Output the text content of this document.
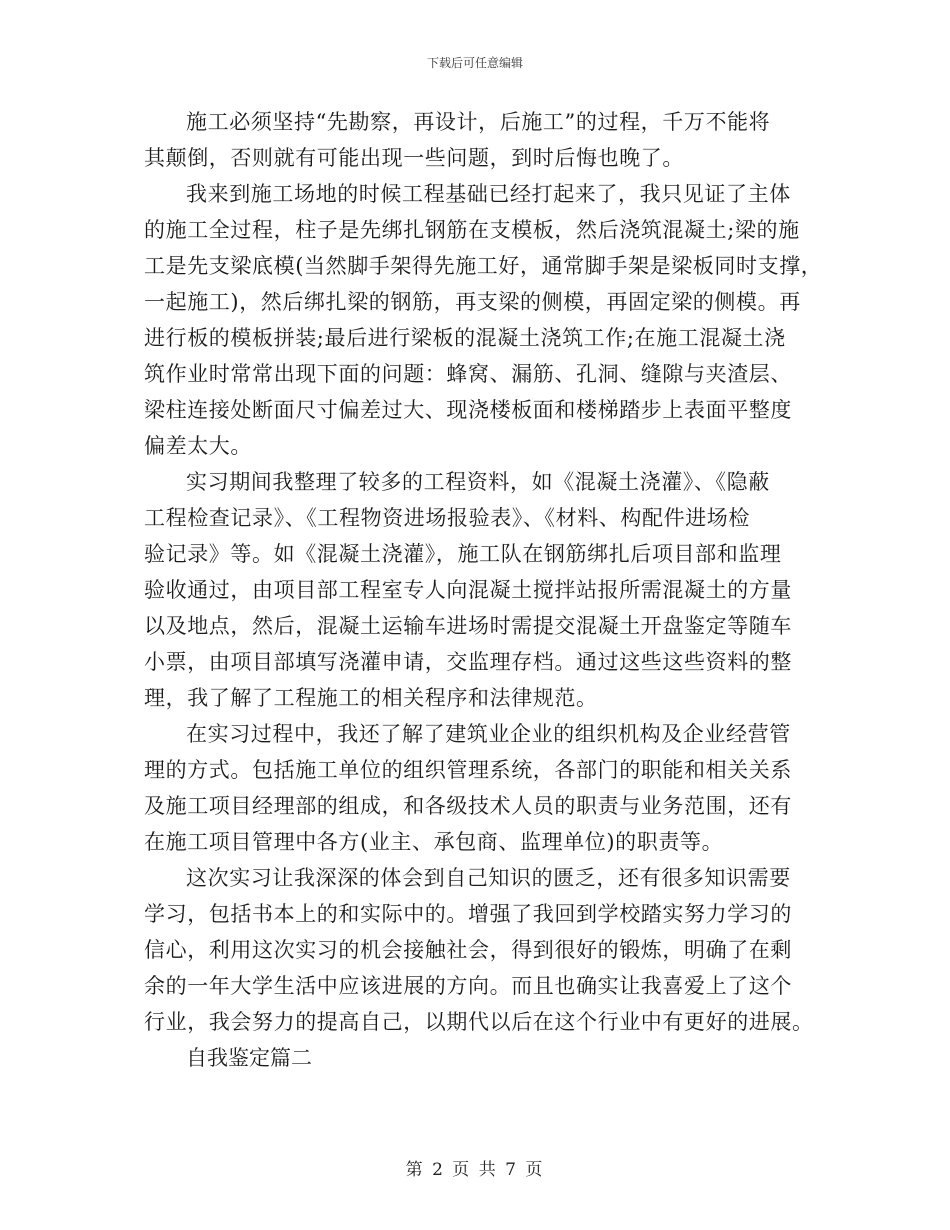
下载后可任意编辑

施工必须坚持“先勘察，再设计，后施工”的过程，千万不能将
其颠倒，否则就有可能出现一些问题，到时后悔也晚了。

我来到施工场地的时候工程基础已经打起来了，我只见证了主体
的施工全过程，柱子是先绑扎钢筋在支模板，然后浇筑混凝土;梁的施
工是先支梁底模(当然脚手架得先施工好，通常脚手架是梁板同时支撑，
一起施工)，然后绑扎梁的钢筋，再支梁的侧模，再固定梁的侧模。再
进行板的模板拼装;最后进行梁板的混凝土浇筑工作;在施工混凝土浇
筑作业时常常出现下面的问题：蜂窝、漏筋、孔洞、缝隙与夹渣层、
梁柱连接处断面尺寸偏差过大、现浇楼板面和楼梯踏步上表面平整度
偏差太大。

实习期间我整理了较多的工程资料，如《混凝土浇灌》、《隐蔽
工程检查记录》、《工程物资进场报验表》、《材料、构配件进场检
验记录》等。如《混凝土浇灌》，施工队在钢筋绑扎后项目部和监理
验收通过，由项目部工程室专人向混凝土搅拌站报所需混凝土的方量
以及地点，然后，混凝土运输车进场时需提交混凝土开盘鉴定等随车
小票，由项目部填写浇灌申请，交监理存档。通过这些这些资料的整
理，我了解了工程施工的相关程序和法律规范。

在实习过程中，我还了解了建筑业企业的组织机构及企业经营管
理的方式。包括施工单位的组织管理系统，各部门的职能和相关关系
及施工项目经理部的组成，和各级技术人员的职责与业务范围，还有
在施工项目管理中各方(业主、承包商、监理单位)的职责等。

这次实习让我深深的体会到自己知识的匮乏，还有很多知识需要
学习，包括书本上的和实际中的。增强了我回到学校踏实努力学习的
信心，利用这次实习的机会接触社会，得到很好的锻炼，明确了在剩
余的一年大学生活中应该进展的方向。而且也确实让我喜爱上了这个
行业，我会努力的提高自己，以期代以后在这个行业中有更好的进展。

自我鉴定篇二

第 2 页 共 7 页
